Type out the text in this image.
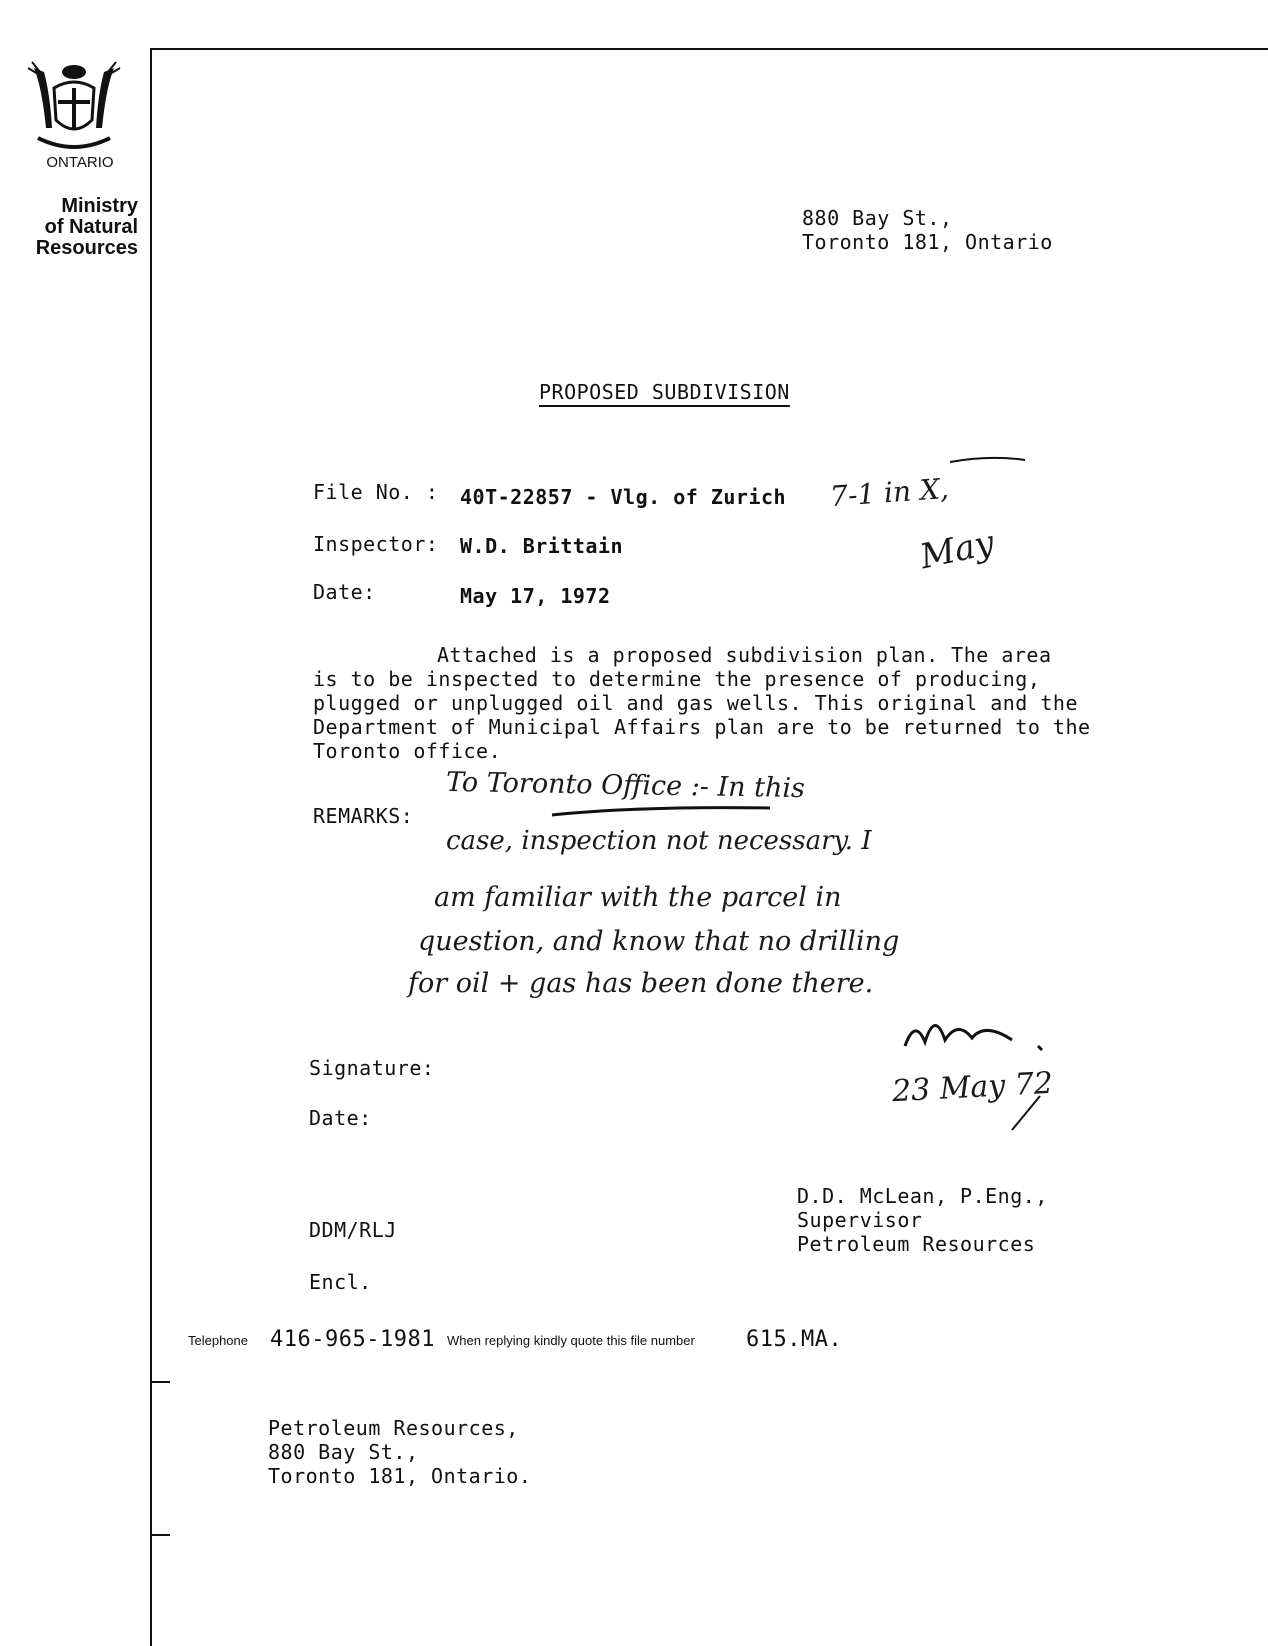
ONTARIO
Ministry
of Natural
Resources
880 Bay St.,
Toronto 181, Ontario
PROPOSED SUBDIVISION
File No. : 40T-22857 - Vlg. of Zurich
Inspector: W.D. Brittain
Date:	May 17, 1972
7-1 in X,
May
Attached is a proposed subdivision plan. The area
is to be inspected to determine the presence of producing,
plugged or unplugged oil and gas wells. This original and the
Department of Municipal Affairs plan are to be returned to the
Toronto office.
REMARKS:
To Toronto Office :- In this
case, inspection not necessary. I
am familiar with the parcel in
question, and know that no drilling
for oil + gas has been done there.
Signature:
Date:
23 May 72
D.D. McLean, P.Eng.,
Supervisor
Petroleum Resources
DDM/RLJ
Encl.
Telephone 416-965-1981 When replying kindly quote this file number 615.MA.
Petroleum Resources,
880 Bay St.,
Toronto 181, Ontario.
